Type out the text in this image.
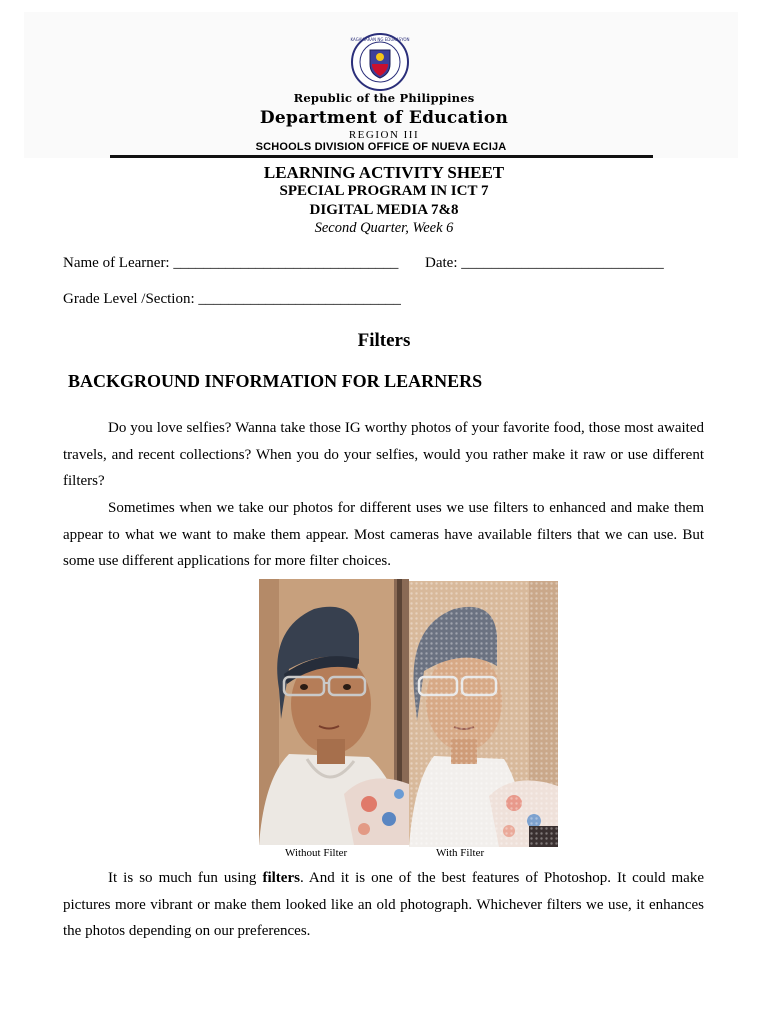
KAGAWARAN NG EDUKASYON
Republic of the Philippines
Department of Education
REGION III
SCHOOLS DIVISION OFFICE OF NUEVA ECIJA
LEARNING ACTIVITY SHEET
SPECIAL PROGRAM IN ICT 7
DIGITAL MEDIA 7&8
Second Quarter, Week 6
Name of Learner: ______________________________ Date: ___________________________
Grade Level /Section: ___________________________
Filters
BACKGROUND INFORMATION FOR LEARNERS

Do you love selfies? Wanna take those IG worthy photos of your favorite food, those most awaited travels, and recent collections? When you do your selfies, would you rather make it raw or use different filters?

Sometimes when we take our photos for different uses we use filters to enhanced and make them appear to what we want to make them appear. Most cameras have available filters that we can use. But some use different applications for more filter choices.

Without Filter	With Filter

It is so much fun using filters. And it is one of the best features of Photoshop. It could make pictures more vibrant or make them looked like an old photograph. Whichever filters we use, it enhances the photos depending on our preferences.
